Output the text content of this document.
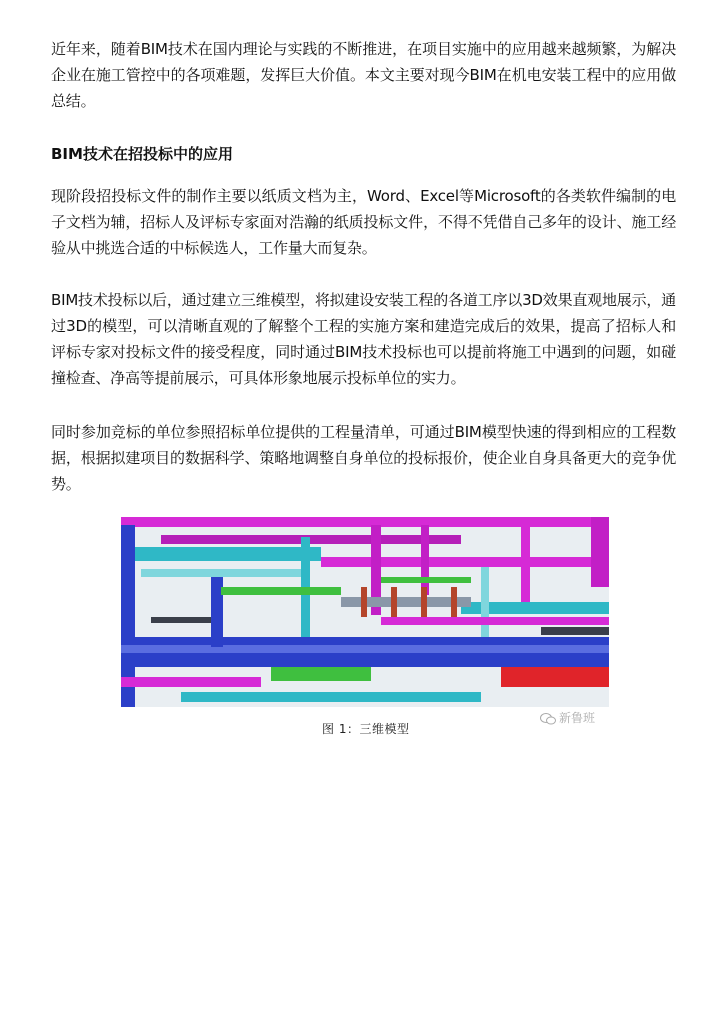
近年来，随着BIM技术在国内理论与实践的不断推进，在项目实施中的应用越来越频繁，为解决企业在施工管控中的各项难题，发挥巨大价值。本文主要对现今BIM在机电安装工程中的应用做总结。

BIM技术在招投标中的应用

现阶段招投标文件的制作主要以纸质文档为主，Word、Excel等Microsoft的各类软件编制的电子文档为辅，招标人及评标专家面对浩瀚的纸质投标文件，不得不凭借自己多年的设计、施工经验从中挑选合适的中标候选人，工作量大而复杂。

BIM技术投标以后，通过建立三维模型，将拟建设安装工程的各道工序以3D效果直观地展示，通过3D的模型，可以清晰直观的了解整个工程的实施方案和建造完成后的效果，提高了招标人和评标专家对投标文件的接受程度，同时通过BIM技术投标也可以提前将施工中遇到的问题，如碰撞检查、净高等提前展示，可具体形象地展示投标单位的实力。

同时参加竞标的单位参照招标单位提供的工程量清单，可通过BIM模型快速的得到相应的工程数据，根据拟建项目的数据科学、策略地调整自身单位的投标报价，使企业自身具备更大的竞争优势。

新鲁班
图 1：三维模型
